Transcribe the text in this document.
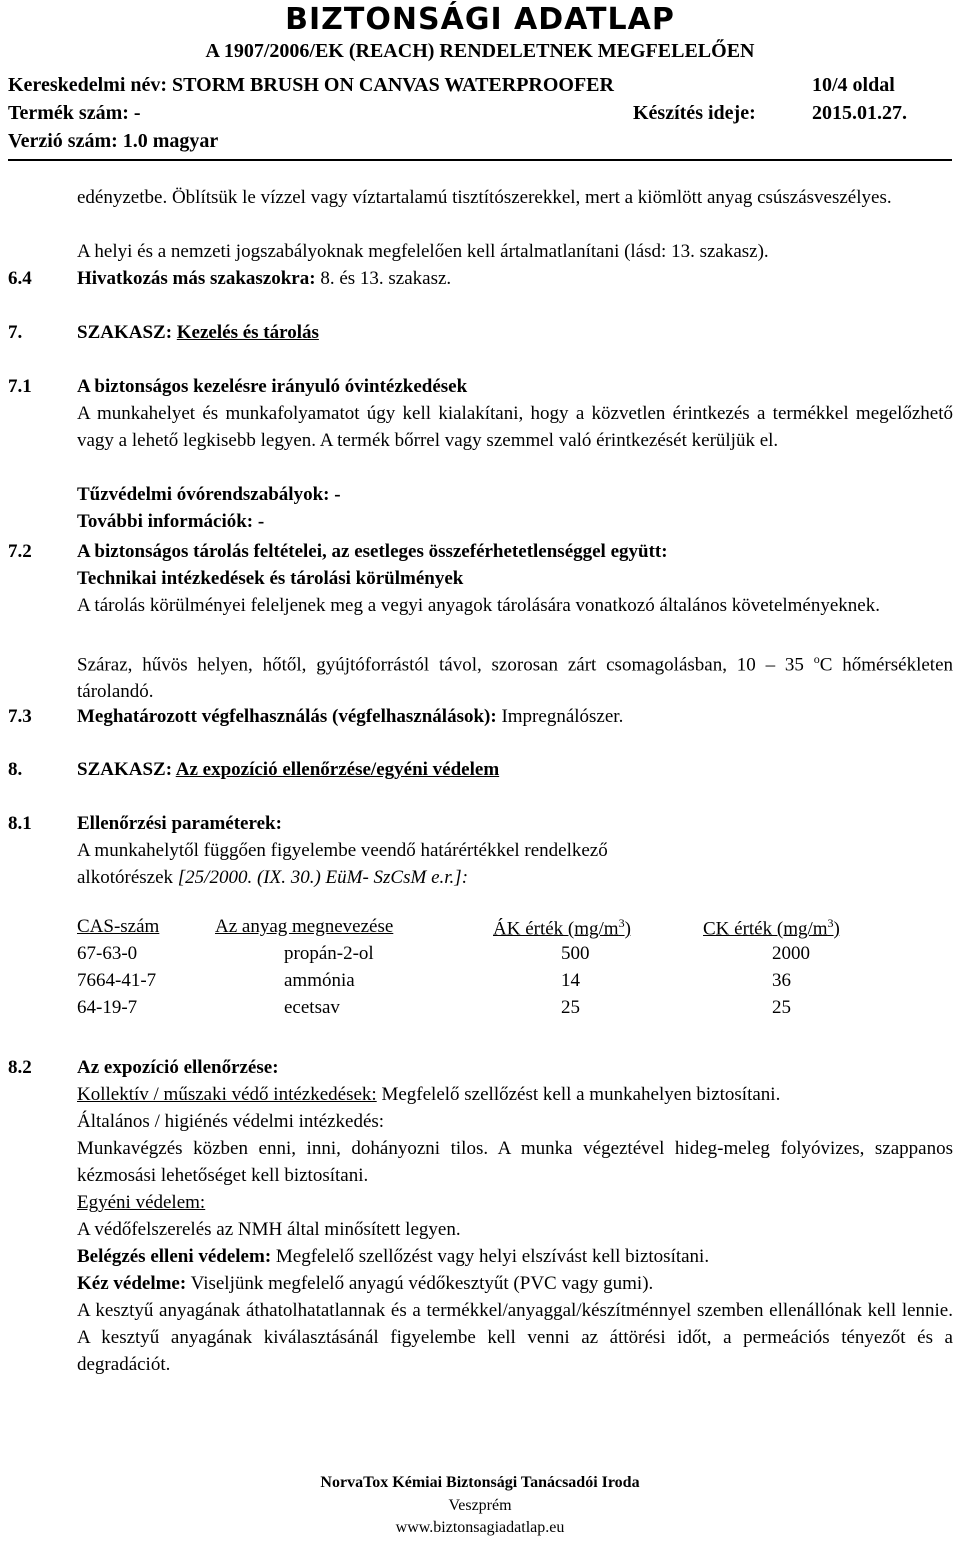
BIZTONSÁGI ADATLAP
A 1907/2006/EK (REACH) RENDELETNEK MEGFELELŐEN
Kereskedelmi név: STORM BRUSH ON CANVAS WATERPROOFER	10/4 oldal
Termék szám: -	Készítés ideje:	2015.01.27.
Verzió szám: 1.0 magyar
edényzetbe. Öblítsük le vízzel vagy víztartalamú tisztítószerekkel, mert a kiömlött anyag csúszásveszélyes.
A helyi és a nemzeti jogszabályoknak megfelelően kell ártalmatlanítani (lásd: 13. szakasz).
6.4 Hivatkozás más szakaszokra: 8. és 13. szakasz.
7.	SZAKASZ: Kezelés és tárolás
7.1 A biztonságos kezelésre irányuló óvintézkedések
A munkahelyet és munkafolyamatot úgy kell kialakítani, hogy a közvetlen érintkezés a termékkel megelőzhető vagy a lehető legkisebb legyen. A termék bőrrel vagy szemmel való érintkezését kerüljük el.
Tűzvédelmi óvórendszabályok: -
További információk: -
7.2 A biztonságos tárolás feltételei, az esetleges összeférhetetlenséggel együtt:
Technikai intézkedések és tárolási körülmények
A tárolás körülményei feleljenek meg a vegyi anyagok tárolására vonatkozó általános követelményeknek.
Száraz, hűvös helyen, hőtől, gyújtóforrástól távol, szorosan zárt csomagolásban, 10 – 35 $^o$C hőmérsékleten tárolandó.
7.3 Meghatározott végfelhasználás (végfelhasználások): Impregnálószer.
8.	SZAKASZ: Az expozíció ellenőrzése/egyéni védelem
8.1 Ellenőrzési paraméterek:
A munkahelytől függően figyelembe veendő határértékkel rendelkező
alkotórészek [25/2000. (IX. 30.) EüM- SzCsM e.r.]:
CAS-szám	Az anyag megnevezése	ÁK érték $(mg/m^3)$	CK érték $(mg/m^3)$
67-63-0	propán-2-ol	500	2000
7664-41-7	ammónia	14	36
64-19-7	ecetsav	25	25
8.2 Az expozíció ellenőrzése:
Kollektív / műszaki védő intézkedések: Megfelelő szellőzést kell a munkahelyen biztosítani.
Általános / higiénés védelmi intézkedés:
Munkavégzés közben enni, inni, dohányozni tilos. A munka végeztével hideg-meleg folyóvizes, szappanos kézmosási lehetőséget kell biztosítani.
Egyéni védelem:
A védőfelszerelés az NMH által minősített legyen.
Belégzés elleni védelem: Megfelelő szellőzést vagy helyi elszívást kell biztosítani.
Kéz védelme: Viseljünk megfelelő anyagú védőkesztyűt (PVC vagy gumi).
A kesztyű anyagának áthatolhatatlannak és a termékkel/anyaggal/készítménnyel szemben ellenállónak kell lennie. A kesztyű anyagának kiválasztásánál figyelembe kell venni az áttörési időt, a permeációs tényezőt és a degradációt.
NorvaTox Kémiai Biztonsági Tanácsadói Iroda
Veszprém
www.biztonsagiadatlap.eu
